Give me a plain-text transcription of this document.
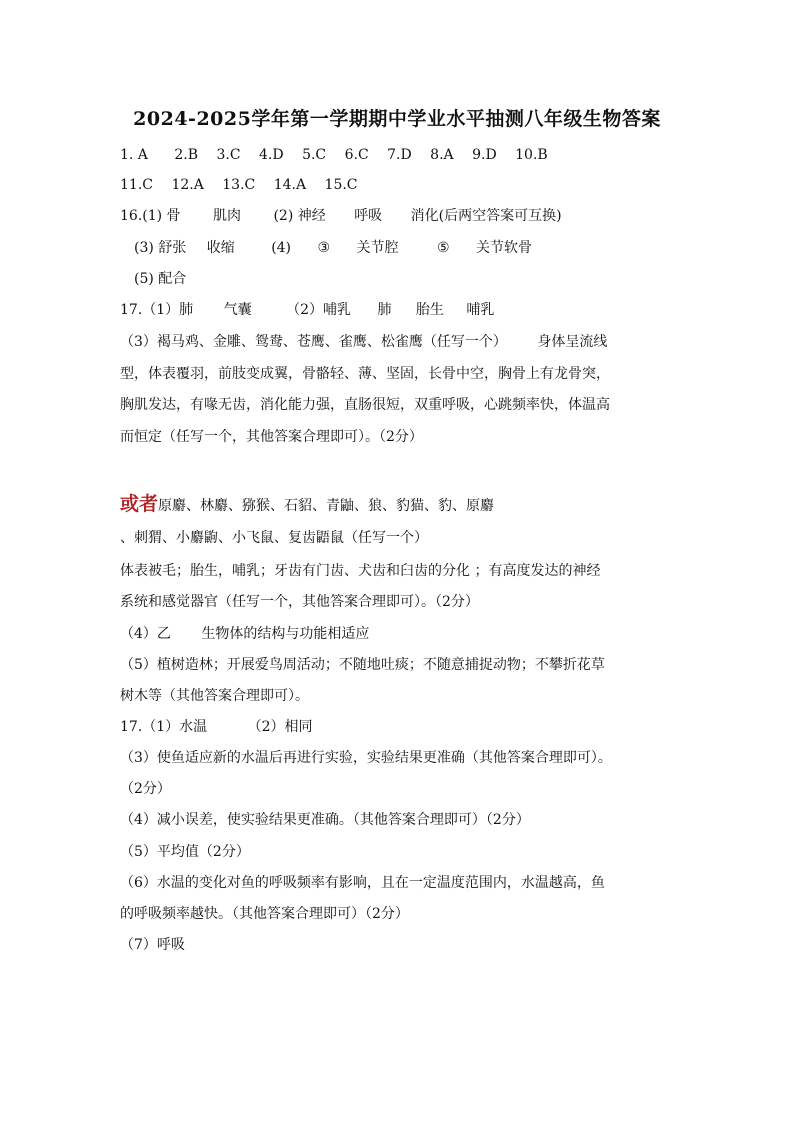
2024-2025学年第一学期期中学业水平抽测八年级生物答案
1. A 2.B 3.C 4.D 5.C 6.C 7.D 8.A 9.D 10.B
11.C 12.A 13.C 14.A 15.C
16.(1) 骨 肌肉 (2) 神经 呼吸 消化(后两空答案可互换)
(3) 舒张 收缩	(4) ③ 关节腔	⑤ 关节软骨
(5) 配合
17.（1）肺 气囊 （2）哺乳 肺 胎生 哺乳
（3）褐马鸡、金雕、鸳鸯、苍鹰、雀鹰、松雀鹰（任写一个） 身体呈流线
型，体表覆羽，前肢变成翼，骨骼轻、薄、坚固，长骨中空，胸骨上有龙骨突，
胸肌发达，有喙无齿，消化能力强，直肠很短，双重呼吸，心跳频率快，体温高
而恒定（任写一个，其他答案合理即可）。（2分）
或者原麝、林麝、猕猴、石貂、青鼬、狼、豹猫、豹、原麝
、刺猬、小麝鼩、小飞鼠、复齿鼯鼠（任写一个）
体表被毛；胎生，哺乳；牙齿有门齿、犬齿和臼齿的分化 ；有高度发达的神经
系统和感觉器官（任写一个，其他答案合理即可）。（2分）
（4）乙 生物体的结构与功能相适应
（5）植树造林；开展爱鸟周活动；不随地吐痰；不随意捕捉动物；不攀折花草
树木等（其他答案合理即可）。
17.（1）水温	（2）相同
（3）使鱼适应新的水温后再进行实验，实验结果更准确（其他答案合理即可）。
（2分）
（4）减小误差，使实验结果更准确。（其他答案合理即可）（2分）
（5）平均值（2分）
（6）水温的变化对鱼的呼吸频率有影响，且在一定温度范围内，水温越高，鱼
的呼吸频率越快。（其他答案合理即可）（2分）
（7）呼吸
